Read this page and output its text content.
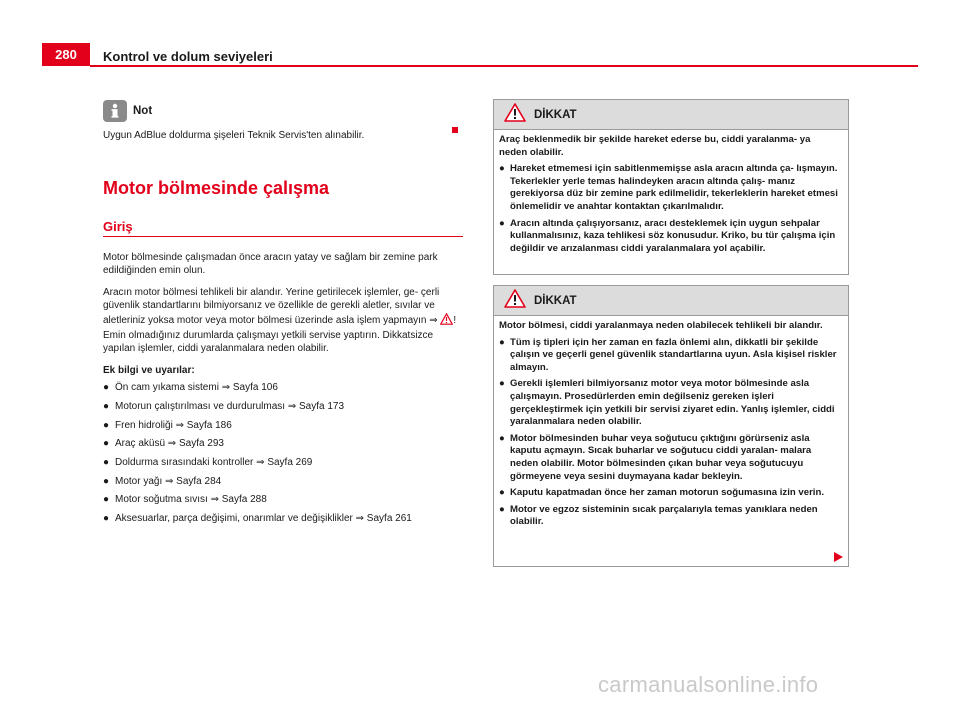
280	Kontrol ve dolum seviyeleri
Not
Uygun AdBlue doldurma şişeleri Teknik Servis'ten alınabilir.
Motor bölmesinde çalışma
Giriş

Motor bölmesinde çalışmadan önce aracın yatay ve sağlam bir zemine park edildiğinden emin olun.

Aracın motor bölmesi tehlikeli bir alandır. Yerine getirilecek işlemler, ge- çerli güvenlik standartlarını bilmiyorsanız ve özellikle de gerekli aletler, sıvılar ve aletleriniz yoksa motor veya motor bölmesi üzerinde asla işlem yapmayın ⇒ ! Emin olmadığınız durumlarda çalışmayı yetkili servise yaptırın. Dikkatsizce yapılan işlemler, ciddi yaralanmalara neden olabilir.

Ek bilgi ve uyarılar:

● Ön cam yıkama sistemi ⇒ Sayfa 106
● Motorun çalıştırılması ve durdurulması ⇒ Sayfa 173
● Fren hidroliği ⇒ Sayfa 186
● Araç aküsü ⇒ Sayfa 293
● Doldurma sırasındaki kontroller ⇒ Sayfa 269
● Motor yağı ⇒ Sayfa 284
● Motor soğutma sıvısı ⇒ Sayfa 288
● Aksesuarlar, parça değişimi, onarımlar ve değişiklikler ⇒ Sayfa 261
DİKKAT

Araç beklenmedik bir şekilde hareket ederse bu, ciddi yaralanma- ya neden olabilir.

● Hareket etmemesi için sabitlenmemişse asla aracın altında ça- lışmayın. Tekerlekler yerle temas halindeyken aracın altında çalış- manız gerekiyorsa düz bir zemine park edilmelidir, tekerleklerin hareket etmesi önlemelidir ve anahtar kontaktan çıkarılmalıdır.
● Aracın altında çalışıyorsanız, aracı desteklemek için uygun sehpalar kullanmalısınız, kaza tehlikesi söz konusudur. Kriko, bu tür çalışma için değildir ve arızalanması ciddi yaralanmalara yol açabilir.
DİKKAT

Motor bölmesi, ciddi yaralanmaya neden olabilecek tehlikeli bir alandır.

● Tüm iş tipleri için her zaman en fazla önlemi alın, dikkatli bir şekilde çalışın ve geçerli genel güvenlik standartlarına uyun. Asla kişisel riskler almayın.
● Gerekli işlemleri bilmiyorsanız motor veya motor bölmesinde asla çalışmayın. Prosedürlerden emin değilseniz gereken işleri gerçekleştirmek için yetkili bir servisi ziyaret edin. Yanlış işlemler, ciddi yaralanmalara neden olabilir.
● Motor bölmesinden buhar veya soğutucu çıktığını görürseniz asla kaputu açmayın. Sıcak buharlar ve soğutucu ciddi yaralan- malara neden olabilir. Motor bölmesinden çıkan buhar veya soğutucuyu görmeyene veya sesini duymayana kadar bekleyin.
● Kaputu kapatmadan önce her zaman motorun soğumasına izin verin.
● Motor ve egzoz sisteminin sıcak parçalarıyla temas yanıklara neden olabilir.
carmanualsonline.info
